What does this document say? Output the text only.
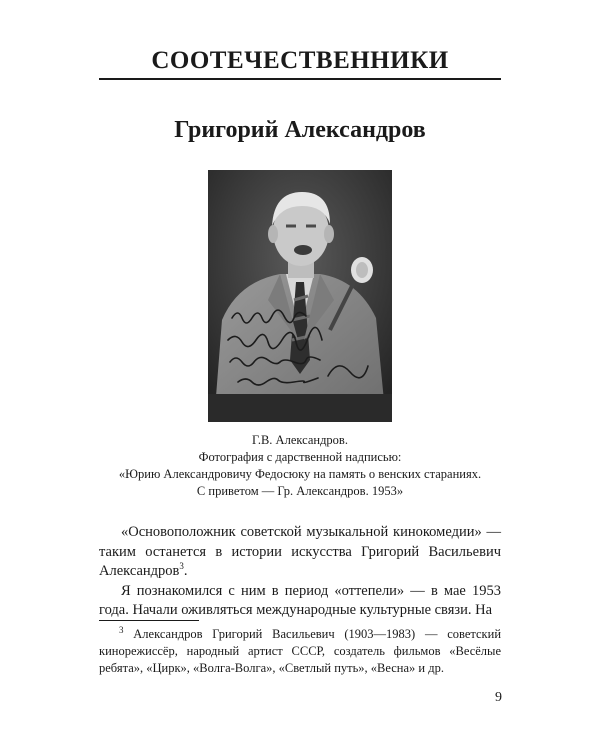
СООТЕЧЕСТВЕННИКИ
Григорий Александров
Г.В. Александров.
Фотография с дарственной надписью:
«Юрию Александровичу Федосюку на память о венских стараниях.
С приветом — Гр. Александров. 1953»

«Основоположник советской музыкальной кинокомедии» — таким останется в истории искусства Григорий Васильевич Александров$^3$.

Я познакомился с ним в период «оттепели» — в мае 1953 года. Начали оживляться международные культурные связи. На

$^3$ Александров Григорий Васильевич (1903—1983) — советский кинорежиссёр, народный артист СССР, создатель фильмов «Весёлые ребята», «Цирк», «Волга-Волга», «Светлый путь», «Весна» и др.
9
